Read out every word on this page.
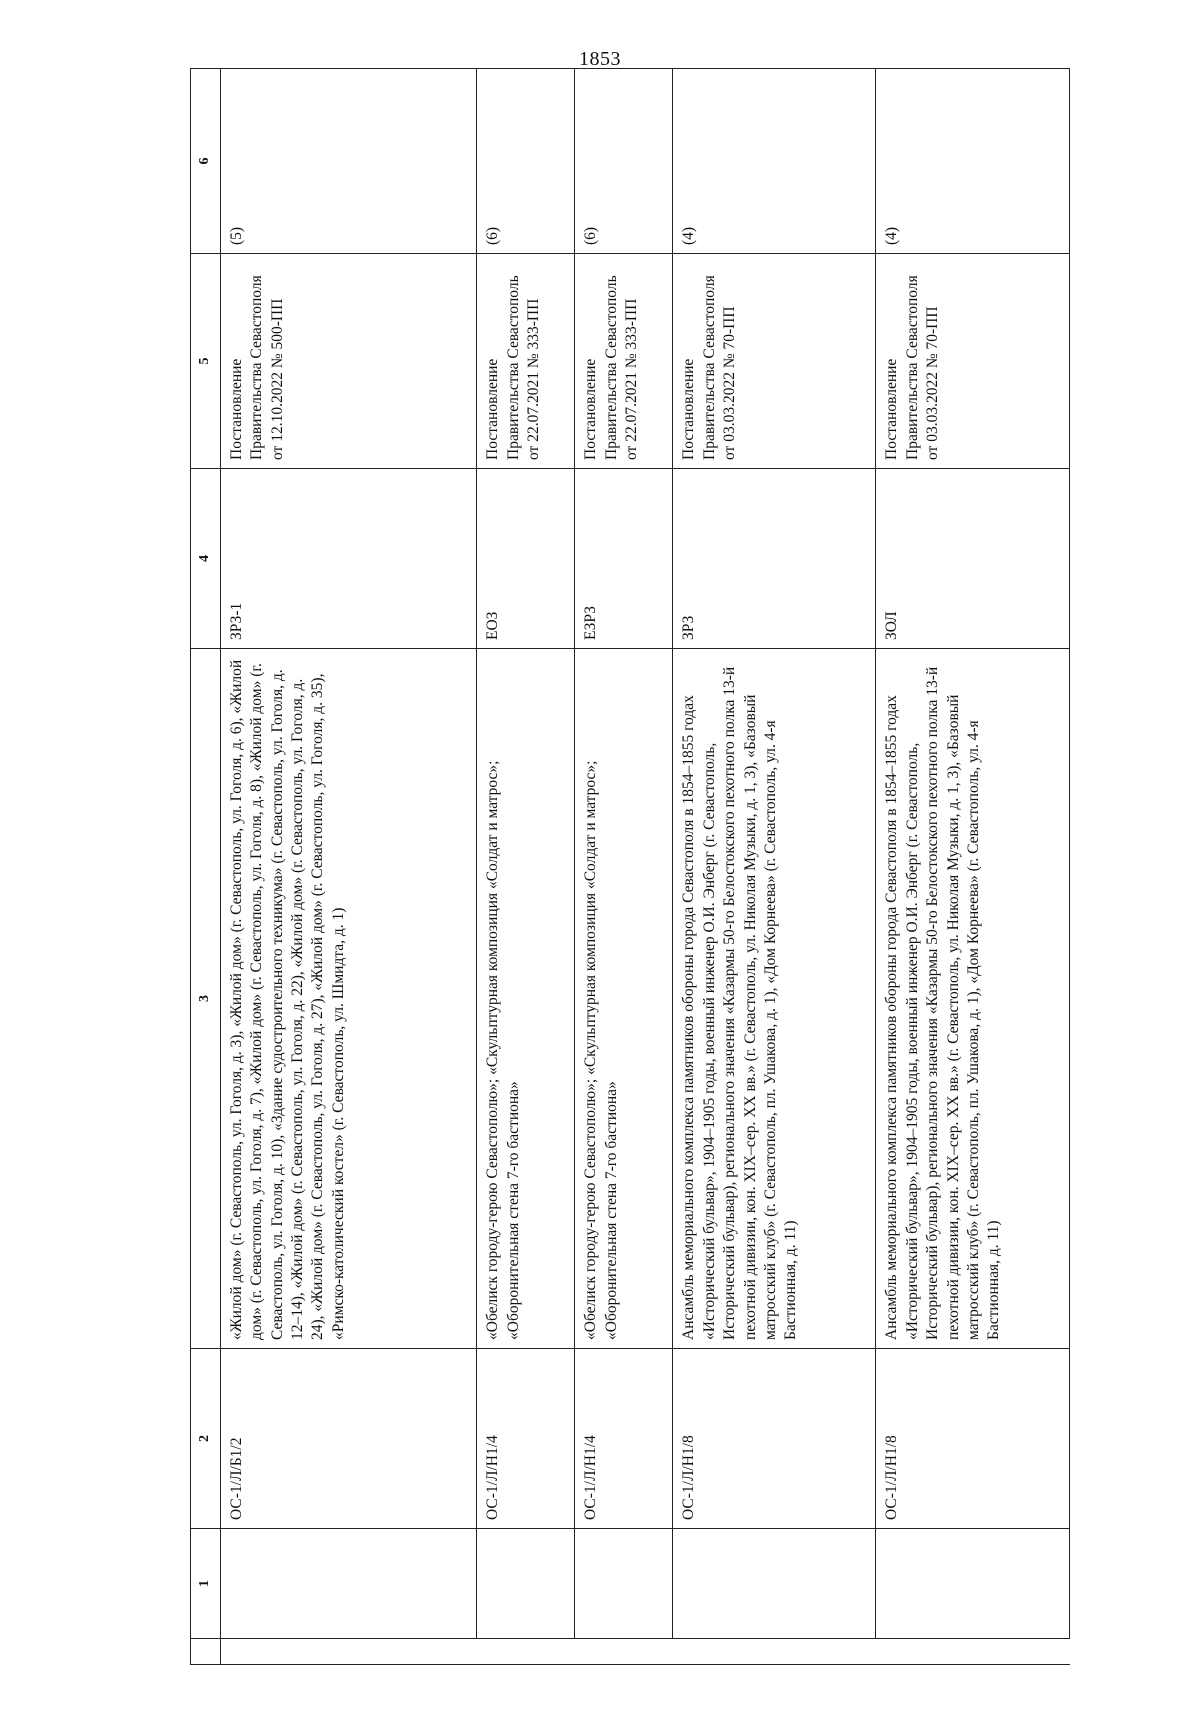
1853
	1	2	3	4	5	6
		ОС-1/Л/Б1/2	«Жилой дом» (г. Севастополь, ул. Гоголя, д. 3), «Жилой дом» (г. Севастополь, ул. Гоголя, д. 6), «Жилой дом» (г. Севастополь, ул. Гоголя, д. 7), «Жилой дом» (г. Севастополь, ул. Гоголя, д. 8), «Жилой дом» (г. Севастополь, ул. Гоголя, д. 10), «Здание судостроительного техникума» (г. Севастополь, ул. Гоголя, д. 12–14), «Жилой дом» (г. Севастополь, ул. Гоголя, д. 22), «Жилой дом» (г. Севастополь, ул. Гоголя, д. 24), «Жилой дом» (г. Севастополь, ул. Гоголя, д. 27), «Жилой дом» (г. Севастополь, ул. Гоголя, д. 35), «Римско-католический костел» (г. Севастополь, ул. Шмидта, д. 1)	ЗРЗ-1	Постановление Правительства Севастополя от 12.10.2022 № 500-ПП	(5)
		ОС-1/Л/Н1/4	«Обелиск городу-герою Севастополю»; «Скульптурная композиция «Солдат и матрос»; «Оборонительная стена 7-го бастиона»	ЕОЗ	Постановление Правительства Севастополь от 22.07.2021 № 333-ПП	(6)
		ОС-1/Л/Н1/4	«Обелиск городу-герою Севастополю»; «Скульптурная композиция «Солдат и матрос»; «Оборонительная стена 7-го бастиона»	ЕЗРЗ	Постановление Правительства Севастополь от 22.07.2021 № 333-ПП	(6)
		ОС-1/Л/Н1/8	Ансамбль мемориального комплекса памятников обороны города Севастополя в 1854–1855 годах «Исторический бульвар», 1904–1905 годы, военный инженер О.И. Энберг (г. Севастополь, Исторический бульвар), регионального значения «Казармы 50-го Белостокского пехотного полка 13-й пехотной дивизии, кон. XIX–сер. XX вв.» (г. Севастополь, ул. Николая Музыки, д. 1, 3), «Базовый матросский клуб» (г. Севастополь, пл. Ушакова, д. 1), «Дом Корнеева» (г. Севастополь, ул. 4-я Бастионная, д. 11)	ЗРЗ	Постановление Правительства Севастополя от 03.03.2022 № 70-ПП	(4)
		ОС-1/Л/Н1/8	Ансамбль мемориального комплекса памятников обороны города Севастополя в 1854–1855 годах «Исторический бульвар», 1904–1905 годы, военный инженер О.И. Энберг (г. Севастополь, Исторический бульвар), регионального значения «Казармы 50-го Белостокского пехотного полка 13-й пехотной дивизии, кон. XIX–сер. XX вв.» (г. Севастополь, ул. Николая Музыки, д. 1, 3), «Базовый матросский клуб» (г. Севастополь, пл. Ушакова, д. 1), «Дом Корнеева» (г. Севастополь, ул. 4-я Бастионная, д. 11)	ЗОЛ	Постановление Правительства Севастополя от 03.03.2022 № 70-ПП	(4)
